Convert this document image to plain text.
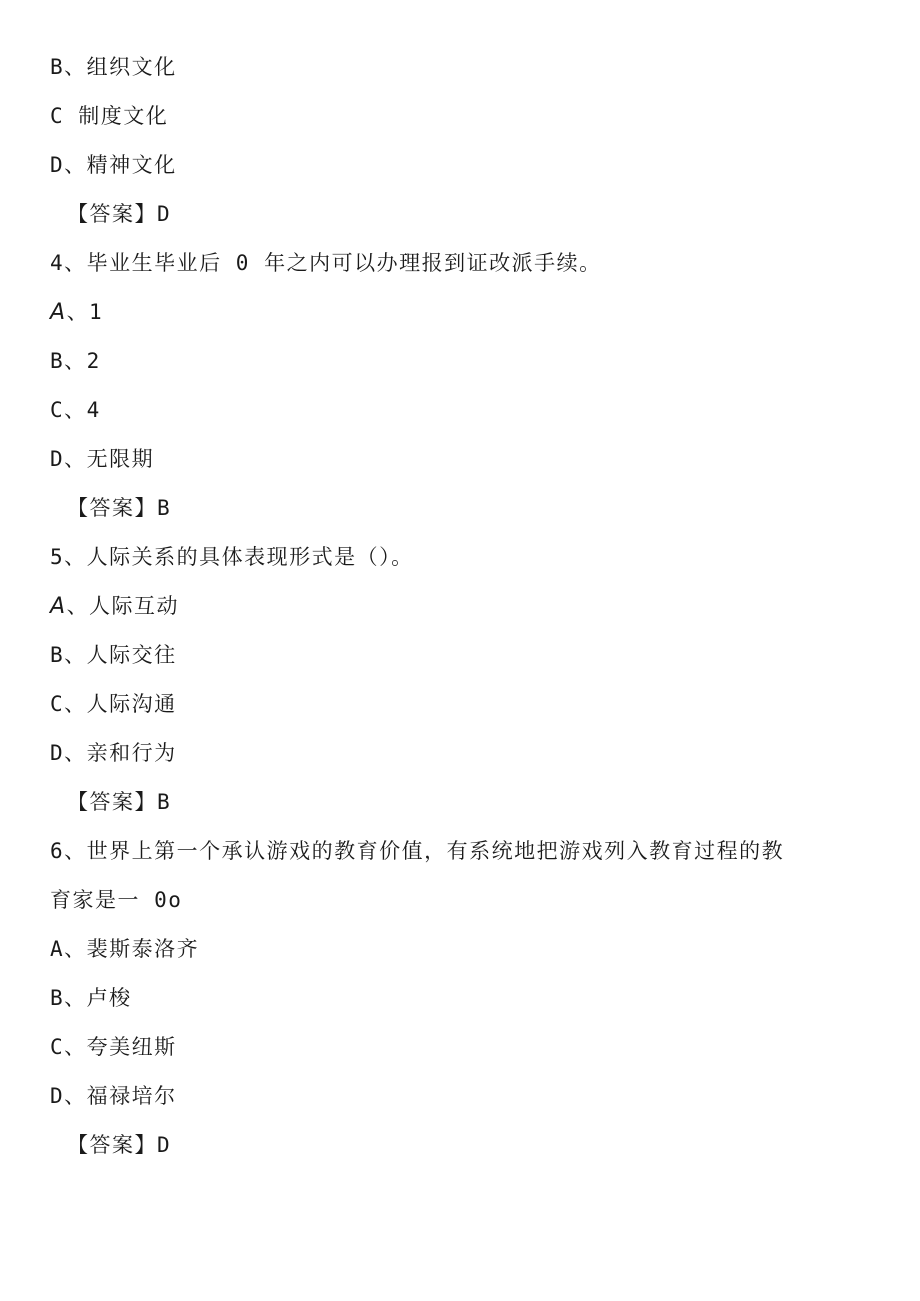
B、组织文化
C 制度文化
D、精神文化
【答案】D
4、毕业生毕业后 0 年之内可以办理报到证改派手续。
A、1
B、2
C、4
D、无限期
【答案】B
5、人际关系的具体表现形式是（）。
A、人际互动
B、人际交往
C、人际沟通
D、亲和行为
【答案】B
6、世界上第一个承认游戏的教育价值，有系统地把游戏列入教育过程的教
育家是一 0o
A、裴斯泰洛齐
B、卢梭
C、夸美纽斯
D、福禄培尔
【答案】D
